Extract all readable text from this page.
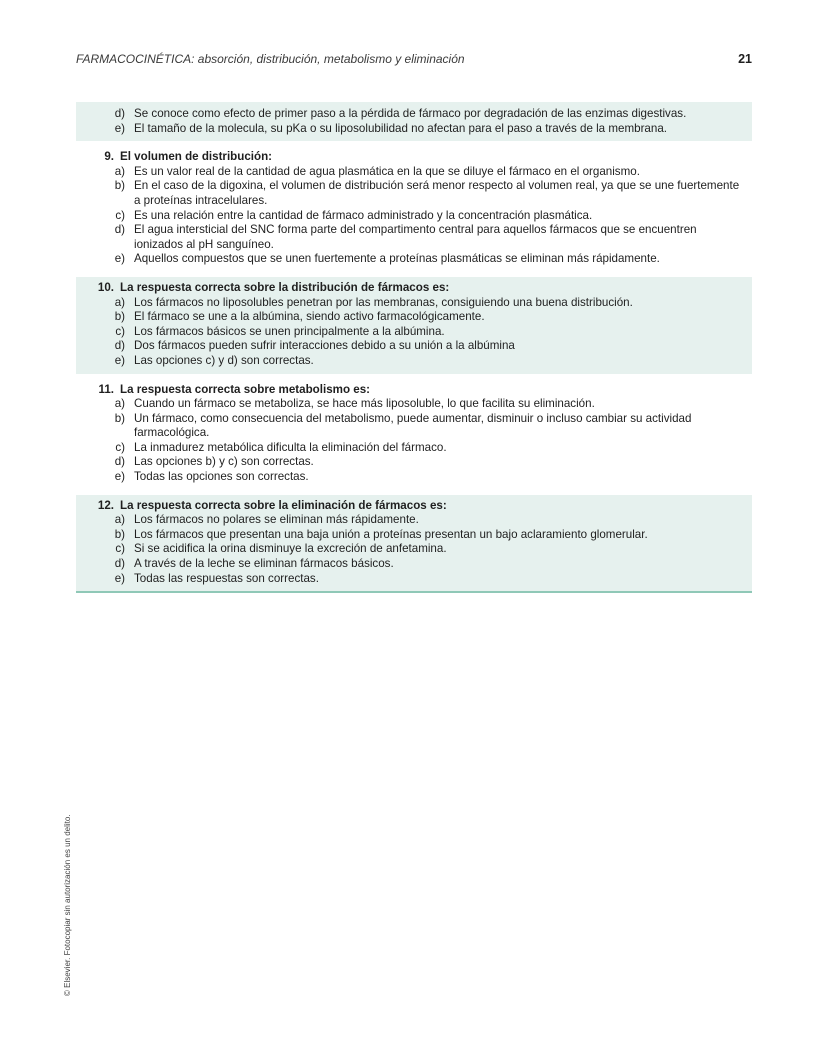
FARMACOCINÉTICA: absorción, distribución, metabolismo y eliminación	21
d) Se conoce como efecto de primer paso a la pérdida de fármaco por degradación de las enzimas digestivas.
e) El tamaño de la molecula, su pKa o su liposolubilidad no afectan para el paso a través de la membrana.
9. El volumen de distribución:
a) Es un valor real de la cantidad de agua plasmática en la que se diluye el fármaco en el organismo.
b) En el caso de la digoxina, el volumen de distribución será menor respecto al volumen real, ya que se une fuertemente a proteínas intracelulares.
c) Es una relación entre la cantidad de fármaco administrado y la concentración plasmática.
d) El agua intersticial del SNC forma parte del compartimento central para aquellos fármacos que se encuentren ionizados al pH sanguíneo.
e) Aquellos compuestos que se unen fuertemente a proteínas plasmáticas se eliminan más rápidamente.
10. La respuesta correcta sobre la distribución de fármacos es:
a) Los fármacos no liposolubles penetran por las membranas, consiguiendo una buena distribución.
b) El fármaco se une a la albúmina, siendo activo farmacológicamente.
c) Los fármacos básicos se unen principalmente a la albúmina.
d) Dos fármacos pueden sufrir interacciones debido a su unión a la albúmina
e) Las opciones c) y d) son correctas.
11. La respuesta correcta sobre metabolismo es:
a) Cuando un fármaco se metaboliza, se hace más liposoluble, lo que facilita su eliminación.
b) Un fármaco, como consecuencia del metabolismo, puede aumentar, disminuir o incluso cambiar su actividad farmacológica.
c) La inmadurez metabólica dificulta la eliminación del fármaco.
d) Las opciones b) y c) son correctas.
e) Todas las opciones son correctas.
12. La respuesta correcta sobre la eliminación de fármacos es:
a) Los fármacos no polares se eliminan más rápidamente.
b) Los fármacos que presentan una baja unión a proteínas presentan un bajo aclaramiento glomerular.
c) Si se acidifica la orina disminuye la excreción de anfetamina.
d) A través de la leche se eliminan fármacos básicos.
e) Todas las respuestas son correctas.
© Elsevier. Fotocopiar sin autorización es un delito.
